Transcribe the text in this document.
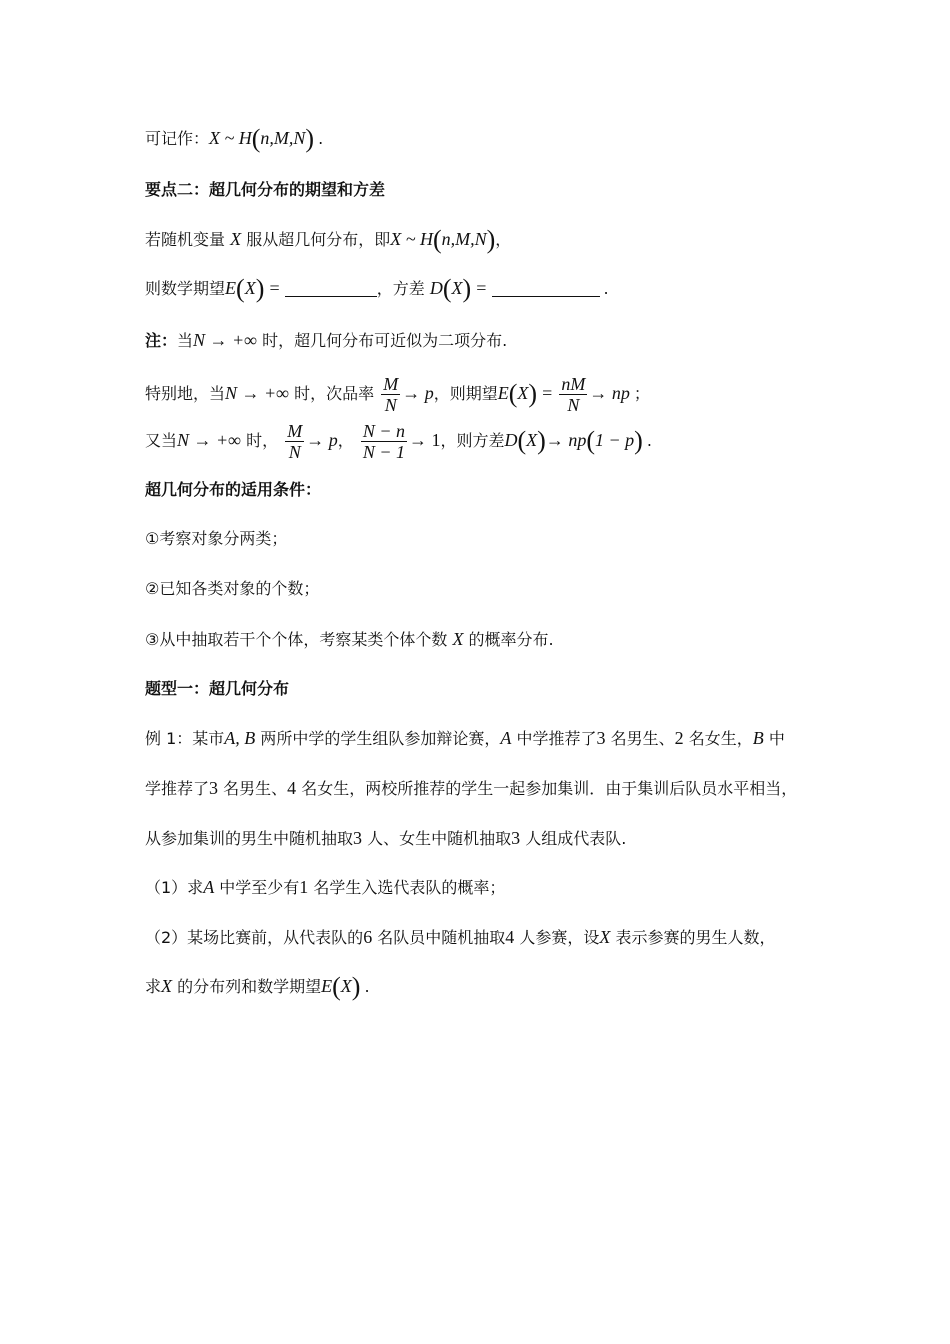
可记作：X ~ H(n,M,N) .
要点二：超几何分布的期望和方差
若随机变量 X 服从超几何分布，即X ~ H(n,M,N)，
则数学期望E(X) =	，方差 D(X) =	.
注：当N → +∞ 时，超几何分布可近似为二项分布.
特别地，当N → +∞ 时，次品率 $\frac{M}{N} \to p$，则期望$E(X) = \frac{nM}{N}$ → np ；
又当N → +∞ 时， $\frac{M}{N} \to p$， $\frac{N - n}{N - 1} \to 1$，则方差D(X)→ np(1 − p) .
超几何分布的适用条件：
①考察对象分两类；
②已知各类对象的个数；
③从中抽取若干个个体，考察某类个体个数 X 的概率分布.
题型一：超几何分布
例 1：某市A, B 两所中学的学生组队参加辩论赛，A 中学推荐了3 名男生、2 名女生，B 中
学推荐了3 名男生、4 名女生，两校所推荐的学生一起参加集训．由于集训后队员水平相当，
从参加集训的男生中随机抽取3 人、女生中随机抽取3 人组成代表队.
（1）求A 中学至少有1 名学生入选代表队的概率；
（2）某场比赛前，从代表队的6 名队员中随机抽取4 人参赛，设X 表示参赛的男生人数，
求X 的分布列和数学期望E(X) .
